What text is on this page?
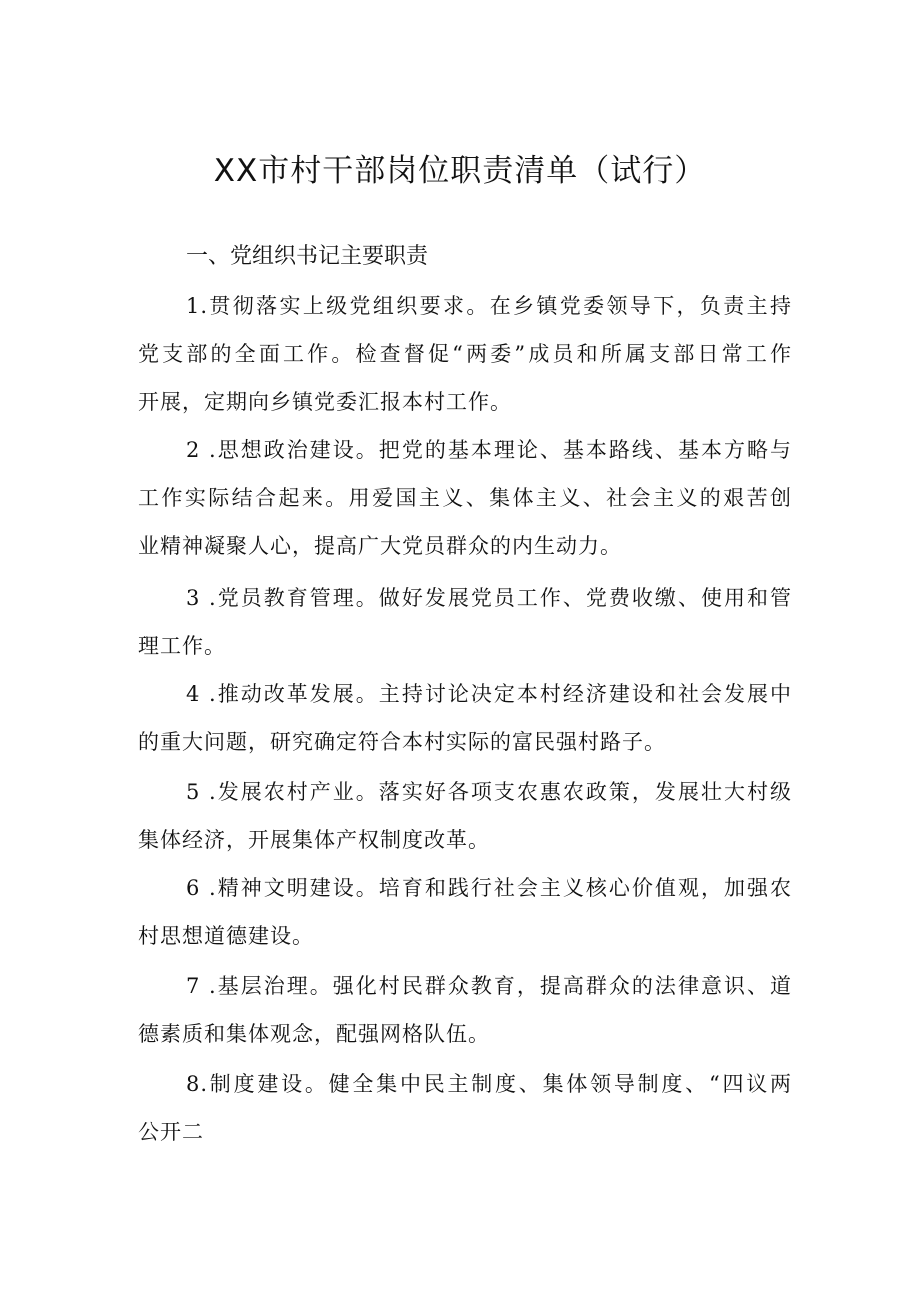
XX市村干部岗位职责清单（试行）
一、党组织书记主要职责
1.贯彻落实上级党组织要求。在乡镇党委领导下，负责主持
党支部的全面工作。检查督促“两委”成员和所属支部日常工作
开展，定期向乡镇党委汇报本村工作。
2 .思想政治建设。把党的基本理论、基本路线、基本方略与
工作实际结合起来。用爱国主义、集体主义、社会主义的艰苦创
业精神凝聚人心，提高广大党员群众的内生动力。
3 .党员教育管理。做好发展党员工作、党费收缴、使用和管
理工作。
4 .推动改革发展。主持讨论决定本村经济建设和社会发展中
的重大问题，研究确定符合本村实际的富民强村路子。
5 .发展农村产业。落实好各项支农惠农政策，发展壮大村级
集体经济，开展集体产权制度改革。
6 .精神文明建设。培育和践行社会主义核心价值观，加强农
村思想道德建设。
7 .基层治理。强化村民群众教育，提高群众的法律意识、道
德素质和集体观念，配强网格队伍。
8.制度建设。健全集中民主制度、集体领导制度、“四议两
公开二
